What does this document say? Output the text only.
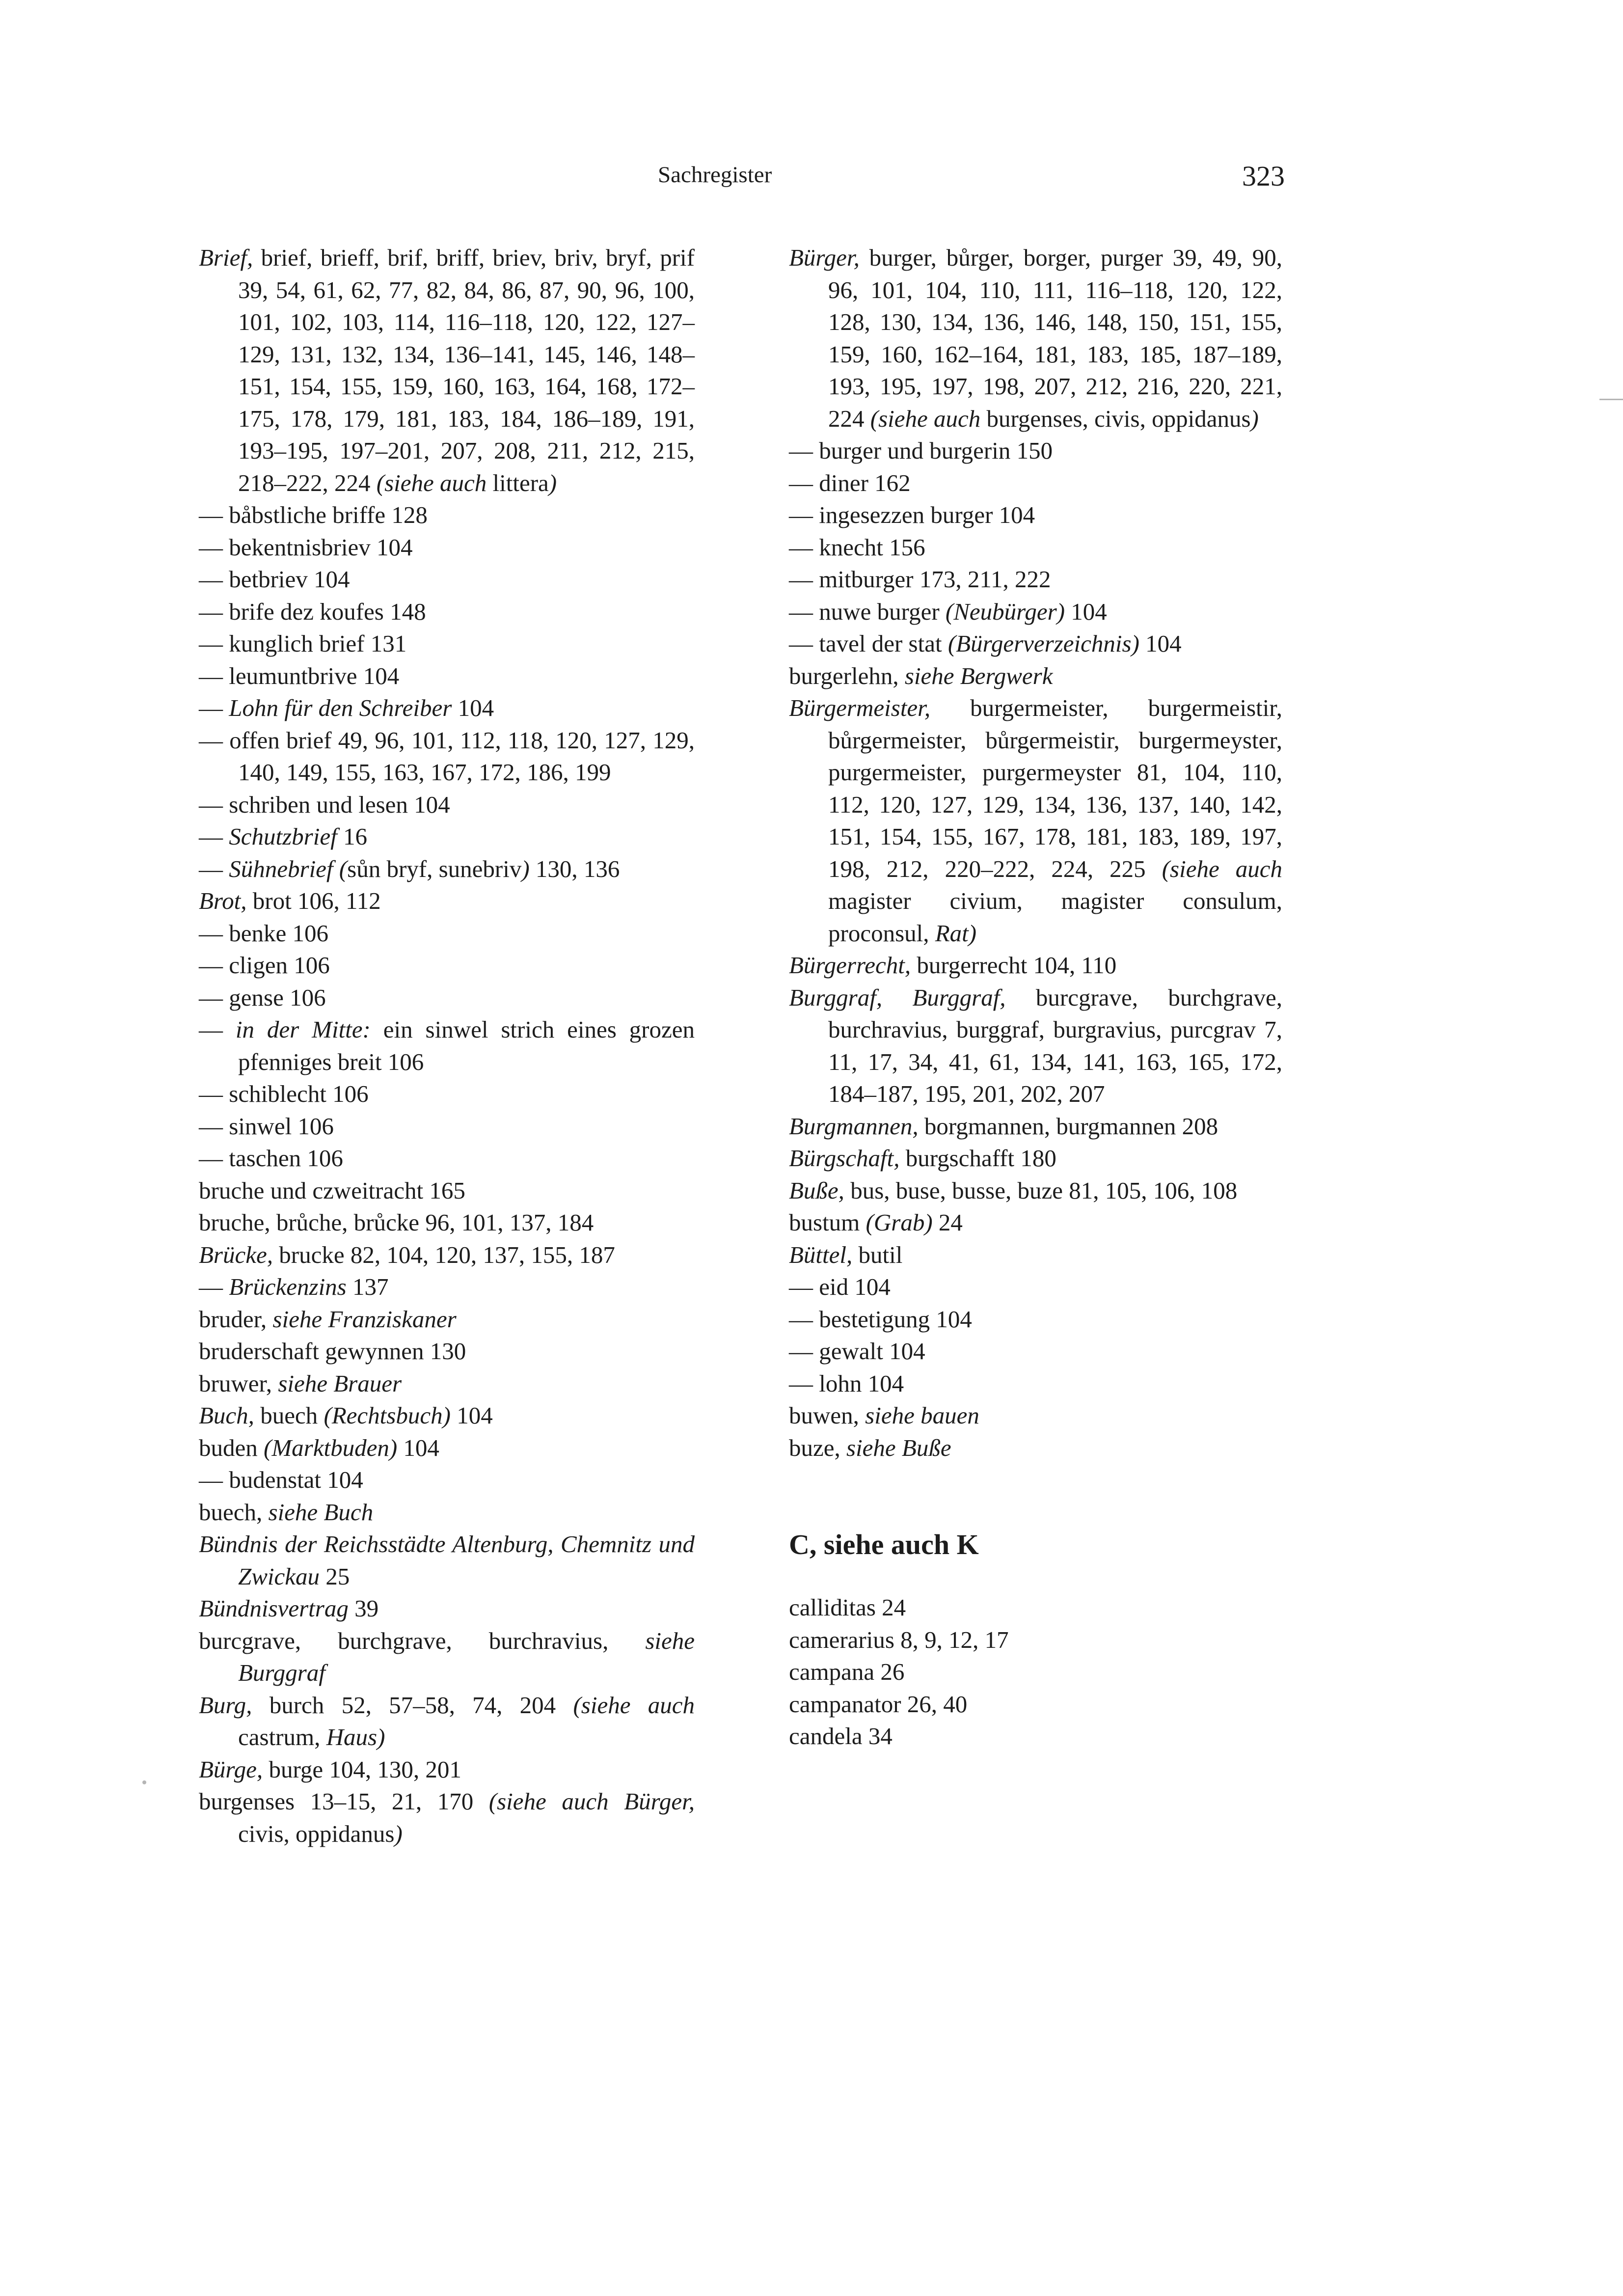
Sachregister	323
Brief, brief, brieff, brif, briff, briev, briv, bryf, prif 39, 54, 61, 62, 77, 82, 84, 86, 87, 90, 96, 100, 101, 102, 103, 114, 116–118, 120, 122, 127–129, 131, 132, 134, 136–141, 145, 146, 148–151, 154, 155, 159, 160, 163, 164, 168, 172–175, 178, 179, 181, 183, 184, 186–189, 191, 193–195, 197–201, 207, 208, 211, 212, 215, 218–222, 224 (siehe auch littera)
— båbstliche briffe 128
— bekentnisbriev 104
— betbriev 104
— brife dez koufes 148
— kunglich brief 131
— leumuntbrive 104
— Lohn für den Schreiber 104
— offen brief 49, 96, 101, 112, 118, 120, 127, 129, 140, 149, 155, 163, 167, 172, 186, 199
— schriben und lesen 104
— Schutzbrief 16
— Sühnebrief (sůn bryf, sunebriv) 130, 136
Brot, brot 106, 112
— benke 106
— cligen 106
— gense 106
— in der Mitte: ein sinwel strich eines grozen pfenniges breit 106
— schiblecht 106
— sinwel 106
— taschen 106
bruche und czweitracht 165
bruche, brůche, brůcke 96, 101, 137, 184
Brücke, brucke 82, 104, 120, 137, 155, 187
— Brückenzins 137
bruder, siehe Franziskaner
bruderschaft gewynnen 130
bruwer, siehe Brauer
Buch, buech (Rechtsbuch) 104
buden (Marktbuden) 104
— budenstat 104
buech, siehe Buch
Bündnis der Reichsstädte Altenburg, Chemnitz und Zwickau 25
Bündnisvertrag 39
burcgrave, burchgrave, burchravius, siehe Burggraf
Burg, burch 52, 57–58, 74, 204 (siehe auch castrum, Haus)
Bürge, burge 104, 130, 201
burgenses 13–15, 21, 170 (siehe auch Bürger, civis, oppidanus)
Bürger, burger, bůrger, borger, purger 39, 49, 90, 96, 101, 104, 110, 111, 116–118, 120, 122, 128, 130, 134, 136, 146, 148, 150, 151, 155, 159, 160, 162–164, 181, 183, 185, 187–189, 193, 195, 197, 198, 207, 212, 216, 220, 221, 224 (siehe auch burgenses, civis, oppidanus)
— burger und burgerin 150
— diner 162
— ingesezzen burger 104
— knecht 156
— mitburger 173, 211, 222
— nuwe burger (Neubürger) 104
— tavel der stat (Bürgerverzeichnis) 104
burgerlehn, siehe Bergwerk
Bürgermeister, burgermeister, burgermeistir, bůrgermeister, bůrgermeistir, burgermeyster, purgermeister, purgermeyster 81, 104, 110, 112, 120, 127, 129, 134, 136, 137, 140, 142, 151, 154, 155, 167, 178, 181, 183, 189, 197, 198, 212, 220–222, 224, 225 (siehe auch magister civium, magister consulum, proconsul, Rat)
Bürgerrecht, burgerrecht 104, 110
Burggraf, Burggraf, burcgrave, burchgrave, burchravius, burggraf, burgravius, purcgrav 7, 11, 17, 34, 41, 61, 134, 141, 163, 165, 172, 184–187, 195, 201, 202, 207
Burgmannen, borgmannen, burgmannen 208
Bürgschaft, burgschafft 180
Buße, bus, buse, busse, buze 81, 105, 106, 108
bustum (Grab) 24
Büttel, butil
— eid 104
— bestetigung 104
— gewalt 104
— lohn 104
buwen, siehe bauen
buze, siehe Buße
C, siehe auch K
calliditas 24
camerarius 8, 9, 12, 17
campana 26
campanator 26, 40
candela 34
